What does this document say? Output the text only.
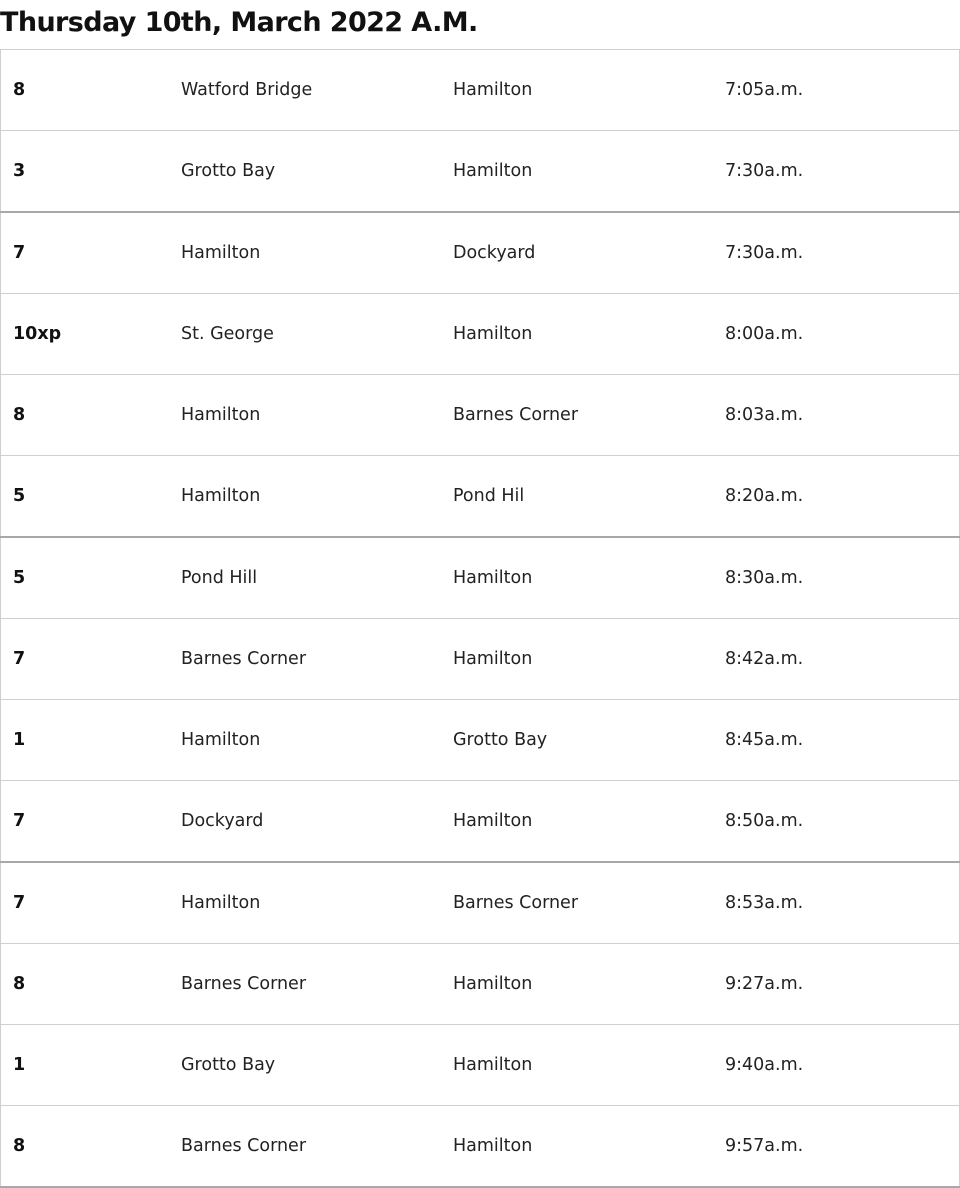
Thursday 10th, March 2022 A.M.
8	Watford Bridge	Hamilton	7:05a.m.
3	Grotto Bay	Hamilton	7:30a.m.
7	Hamilton	Dockyard	7:30a.m.
10xp	St. George	Hamilton	8:00a.m.
8	Hamilton	Barnes Corner	8:03a.m.
5	Hamilton	Pond Hil	8:20a.m.
5	Pond Hill	Hamilton	8:30a.m.
7	Barnes Corner	Hamilton	8:42a.m.
1	Hamilton	Grotto Bay	8:45a.m.
7	Dockyard	Hamilton	8:50a.m.
7	Hamilton	Barnes Corner	8:53a.m.
8	Barnes Corner	Hamilton	9:27a.m.
1	Grotto Bay	Hamilton	9:40a.m.
8	Barnes Corner	Hamilton	9:57a.m.
